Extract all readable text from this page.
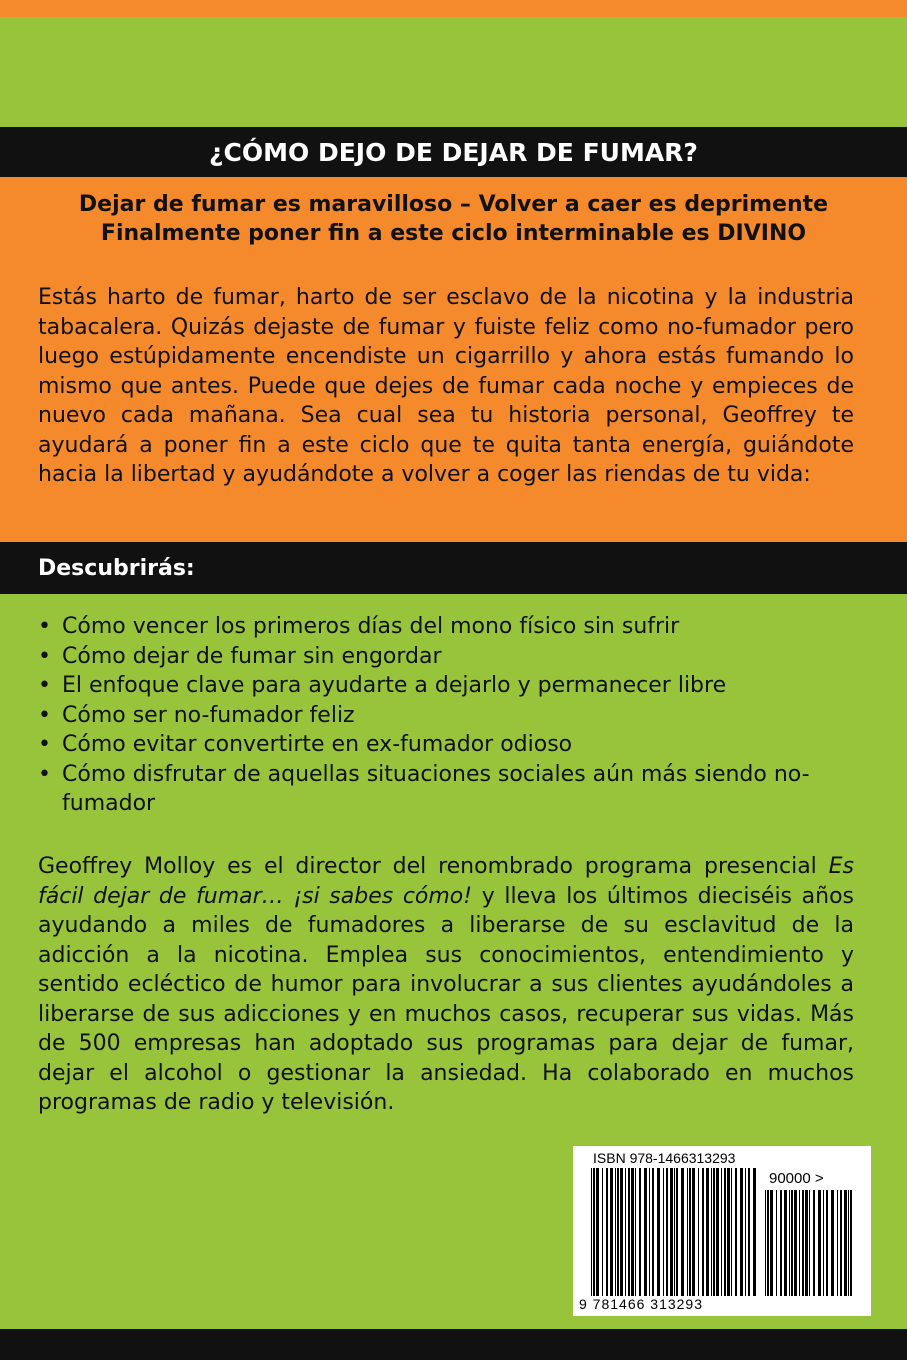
¿CÓMO DEJO DE DEJAR DE FUMAR?
Dejar de fumar es maravilloso – Volver a caer es deprimente
Finalmente poner fin a este ciclo interminable es DIVINO
Estás harto de fumar, harto de ser esclavo de la nicotina y la industria tabacalera. Quizás dejaste de fumar y fuiste feliz como no-fumador pero luego estúpidamente encendiste un cigarrillo y ahora estás fumando lo mismo que antes. Puede que dejes de fumar cada noche y empieces de nuevo cada mañana. Sea cual sea tu historia personal, Geoffrey te ayudará a poner fin a este ciclo que te quita tanta energía, guiándote hacia la libertad y ayudándote a volver a coger las riendas de tu vida:
Descubrirás:
• Cómo vencer los primeros días del mono físico sin sufrir
• Cómo dejar de fumar sin engordar
• El enfoque clave para ayudarte a dejarlo y permanecer libre
• Cómo ser no-fumador feliz
• Cómo evitar convertirte en ex-fumador odioso
• Cómo disfrutar de aquellas situaciones sociales aún más siendo no-fumador
Geoffrey Molloy es el director del renombrado programa presencial Es fácil dejar de fumar… ¡si sabes cómo! y lleva los últimos dieciséis años ayudando a miles de fumadores a liberarse de su esclavitud de la adicción a la nicotina. Emplea sus conocimientos, entendimiento y sentido ecléctico de humor para involucrar a sus clientes ayudándoles a liberarse de sus adicciones y en muchos casos, recuperar sus vidas. Más de 500 empresas han adoptado sus programas para dejar de fumar, dejar el alcohol o gestionar la ansiedad. Ha colaborado en muchos programas de radio y televisión.
ISBN 978-1466313293
90000 >
9 781466 313293
